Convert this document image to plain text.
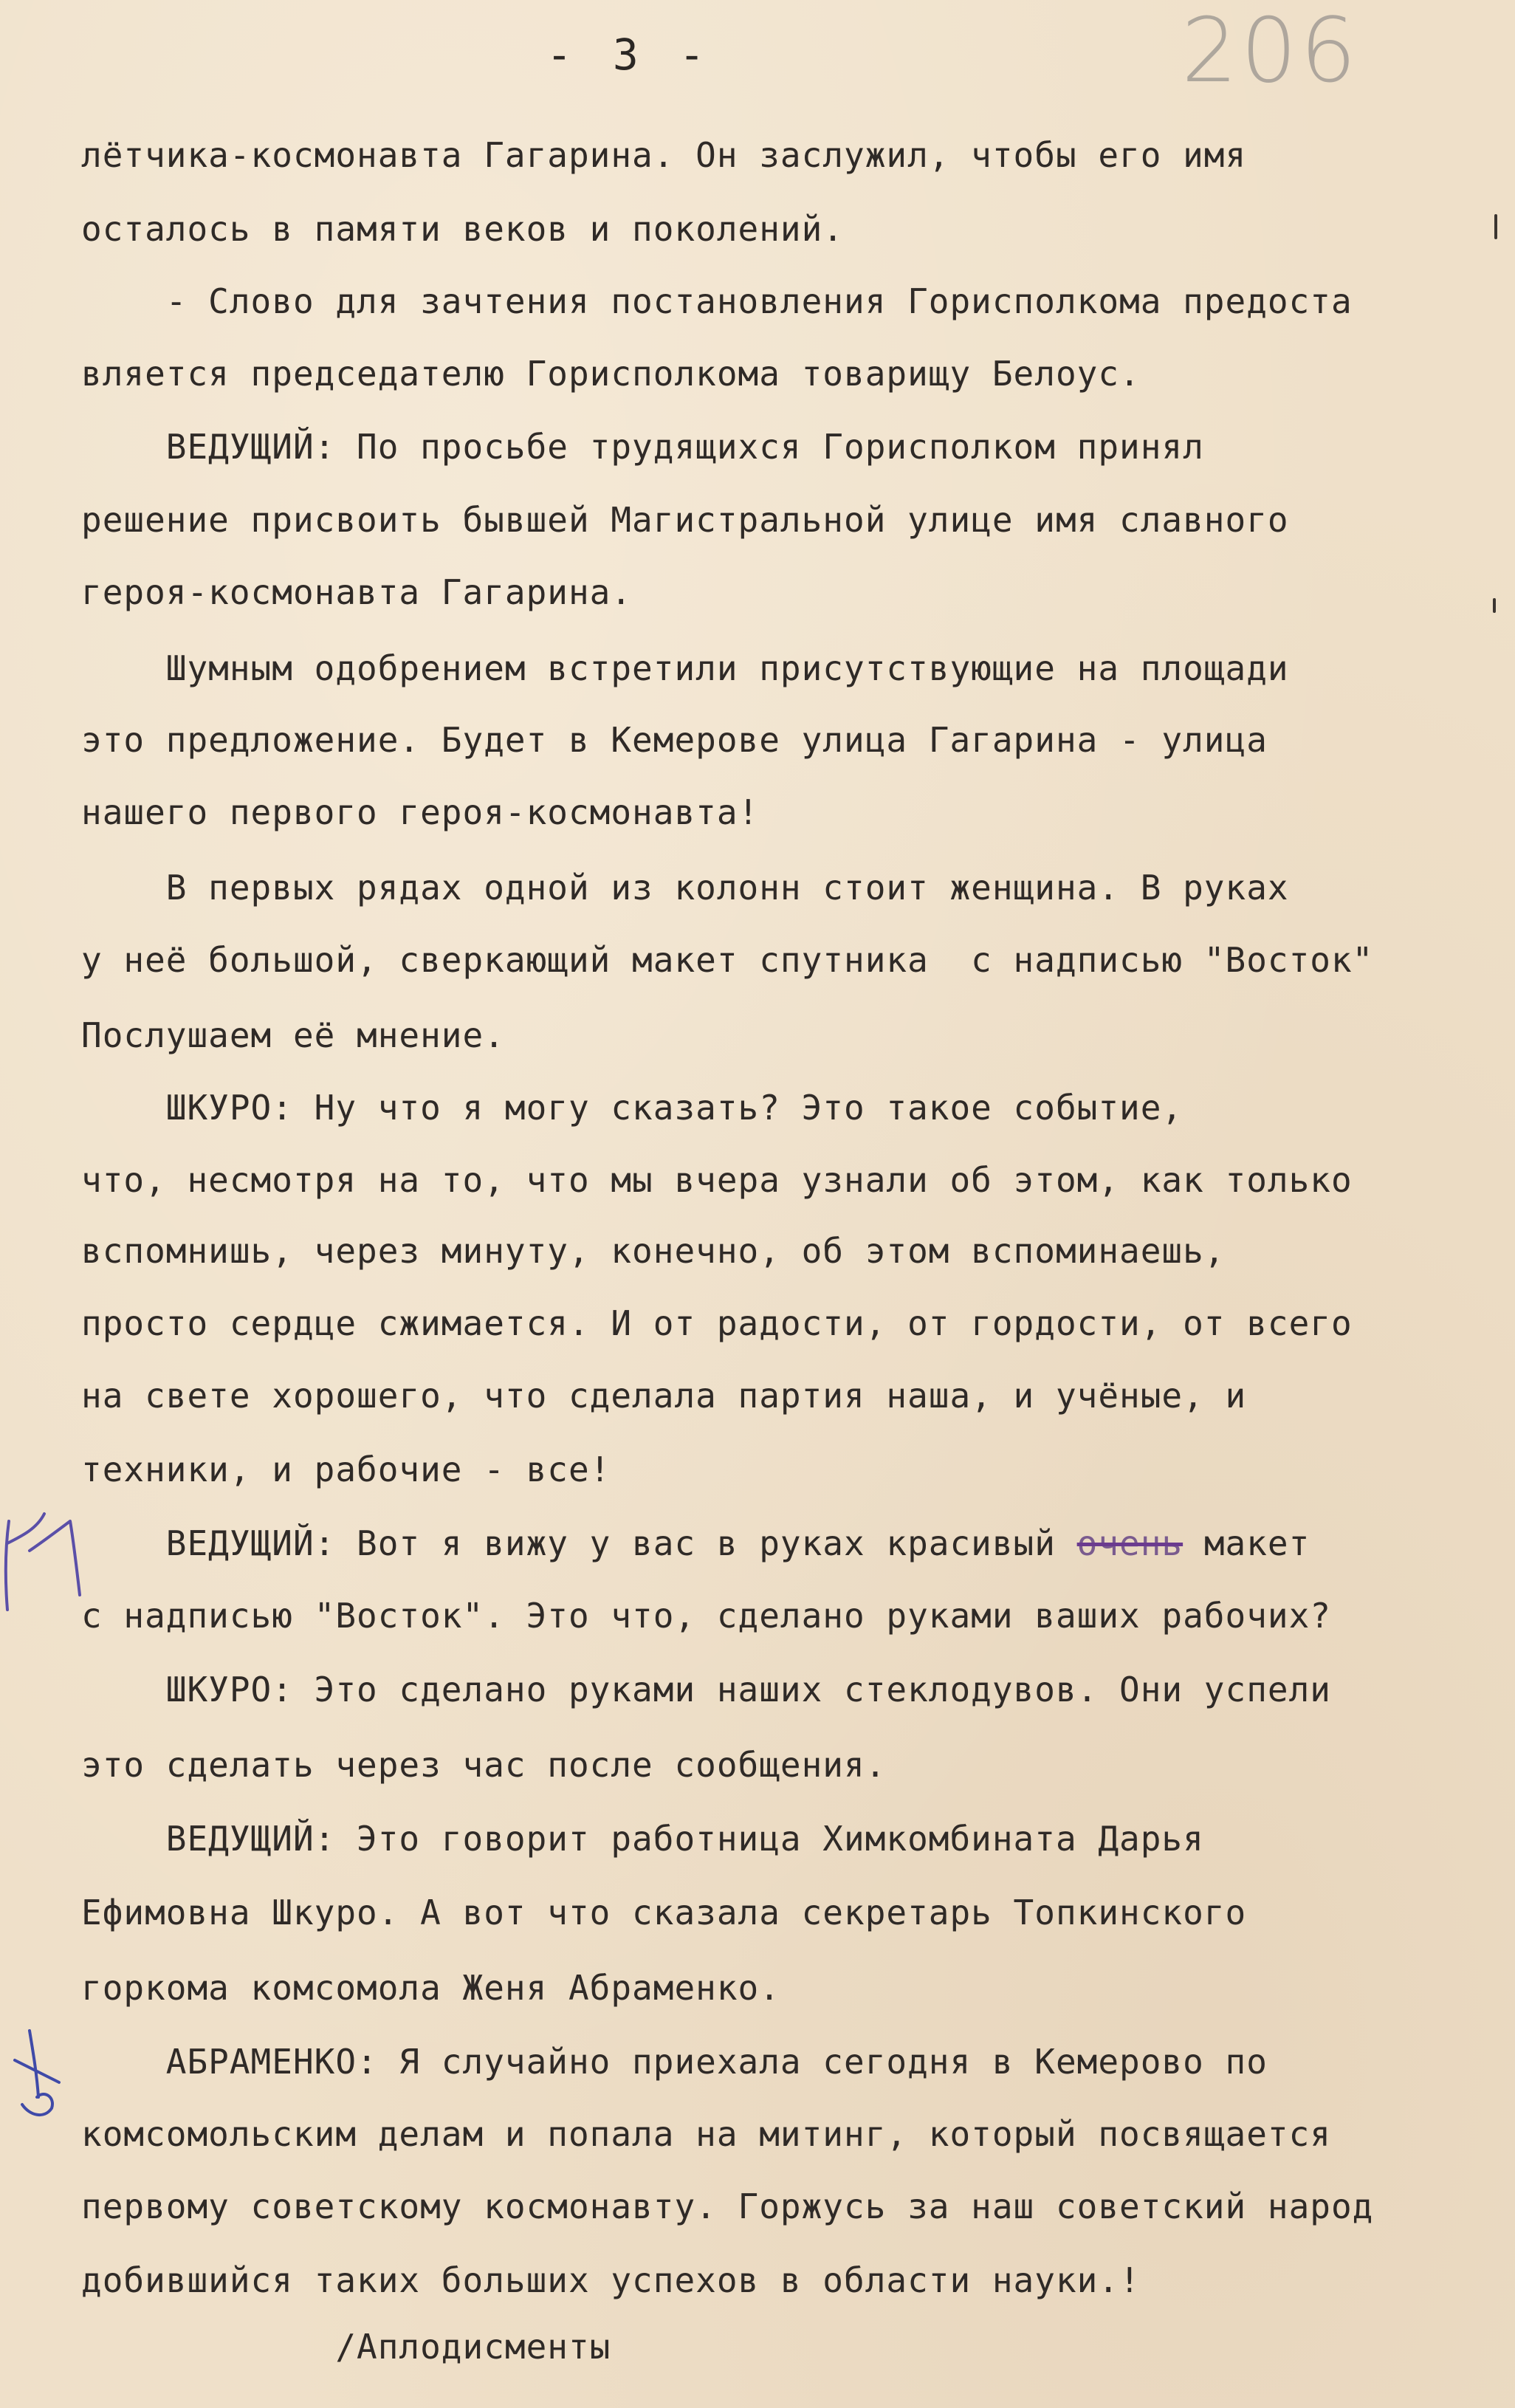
206
- 3 -
лётчика-космонавта Гагарина. Он заслужил, чтобы его имя
осталось в памяти веков и поколений.
- Слово для зачтения постановления Горисполкома предоста
вляется председателю Горисполкома товарищу Белоус.
ВЕДУЩИЙ: По просьбе трудящихся Горисполком принял
решение присвоить бывшей Магистральной улице имя славного
героя-космонавта Гагарина.
Шумным одобрением встретили присутствующие на площади
это предложение. Будет в Кемерове улица Гагарина - улица
нашего первого героя-космонавта!
В первых рядах одной из колонн стоит женщина. В руках
у неё большой, сверкающий макет спутника  с надписью "Восток"
Послушаем её мнение.
ШКУРО: Ну что я могу сказать? Это такое событие,
что, несмотря на то, что мы вчера узнали об этом, как только
вспомнишь, через минуту, конечно, об этом вспоминаешь,
просто сердце сжимается. И от радости, от гордости, от всего
на свете хорошего, что сделала партия наша, и учёные, и
техники, и рабочие - все!
ВЕДУЩИЙ: Вот я вижу у вас в руках красивый очень макет
с надписью "Восток". Это что, сделано руками ваших рабочих?
ШКУРО: Это сделано руками наших стеклодувов. Они успели
это сделать через час после сообщения.
ВЕДУЩИЙ: Это говорит работница Химкомбината Дарья
Ефимовна Шкуро. А вот что сказала секретарь Топкинского
горкома комсомола Женя Абраменко.
АБРАМЕНКО: Я случайно приехала сегодня в Кемерово по
комсомольским делам и попала на митинг, который посвящается
первому советскому космонавту. Горжусь за наш советский народ
добившийся таких больших успехов в области науки.!
/Аплодисменты
